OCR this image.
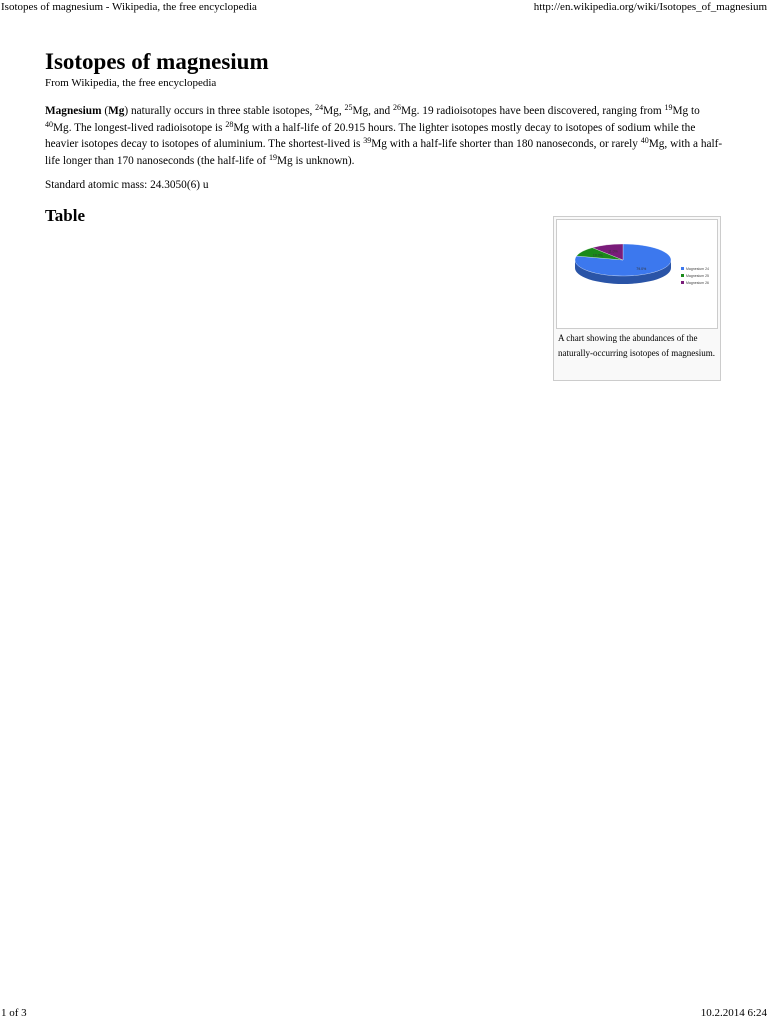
Isotopes of magnesium - Wikipedia, the free encyclopedia	http://en.wikipedia.org/wiki/Isotopes_of_magnesium
Isotopes of magnesium
From Wikipedia, the free encyclopedia

Magnesium (Mg) naturally occurs in three stable isotopes, $^{24}$Mg, $^{25}$Mg, and $^{26}$Mg. 19 radioisotopes have been discovered, ranging from $^{19}$Mg to $^{40}$Mg. The longest-lived radioisotope is $^{28}$Mg with a half-life of 20.915 hours. The lighter isotopes mostly decay to isotopes of sodium while the heavier isotopes decay to isotopes of aluminium. The shortest-lived is $^{39}$Mg with a half-life shorter than 180 nanoseconds, or rarely $^{40}$Mg, with a half-life longer than 170 nanoseconds (the half-life of $^{19}$Mg is unknown).

Standard atomic mass: 24.3050(6) u

Table
79.0%
10.0%
11.0%
Magnesium 24
Magnesium 25
Magnesium 26
A chart showing the abundances of the naturally-occurring isotopes of magnesium.
1 of 3	10.2.2014 6:24
